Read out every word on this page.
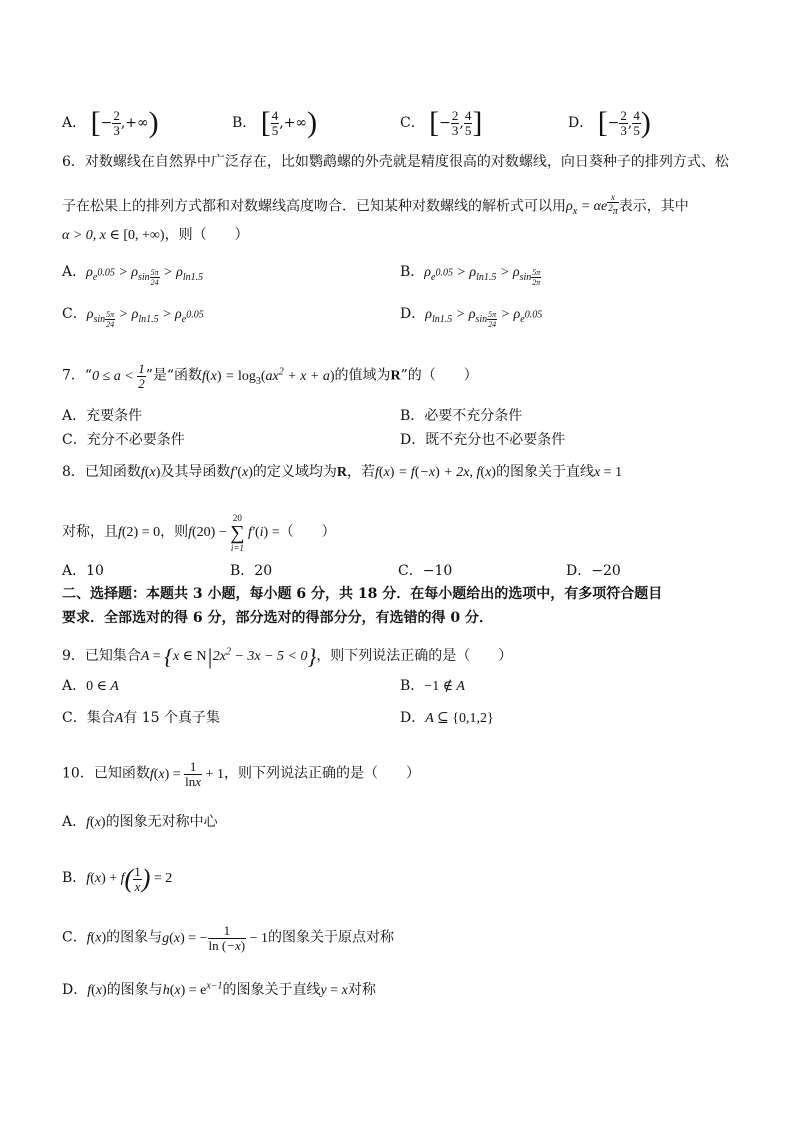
A． [− $\frac{2}{3}$ ,+∞)	B． [ $\frac{4}{5}$ ,+∞)	C． [− $\frac{2}{3}$ , $\frac{4}{5}$ ]	D． [− $\frac{2}{3}$ , $\frac{4}{5}$ )
6．对数螺线在自然界中广泛存在，比如鹦鹉螺的外壳就是精度很高的对数螺线，向日葵种子的排列方式、松
子在松果上的排列方式都和对数螺线高度吻合．已知某种对数螺线的解析式可以用$\rho_x = \alpha e$ $^{\frac{x}{2_\pi}}$ 表示，其中
α > 0, x ∈ [0, +∞)，则（　　）
A．$\rho_{e^{0.05}} > \rho_{sin \frac{5\pi}{24}} > \rho_{ln1.5}$	B．$\rho_{e^{0.05}} > \rho_{ln1.5} > \rho_{sin \frac{5\pi}{2\pi}}$
C．$\rho_{sin \frac{5\pi}{24}} > \rho_{ln1.5} > \rho_{e^{0.05}}$	D．$\rho_{ln1.5} > \rho_{sin \frac{5\pi}{24}} > \rho_{e^{0.05}}$
7．“$0 \le a < \frac{1}{2}$ ”是“函数$f(x) = \log_3(ax^2 + x + a)$的值域为R”的（　　）
A．充要条件	B．必要不充分条件
C．充分不必要条件	D．既不充分也不必要条件
8．已知函数f(x)及其导函数f′(x)的定义域均为R，若f(x) = f(−x) + 2x, f(x)的图象关于直线x = 1
对称，且f(2) = 0，则f(20) −
20
∑
i=1
f′(i) =（　　）
A．10	B．20	C．−10	D．−20
二、选择题：本题共 3 小题，每小题 6 分，共 18 分．在每小题给出的选项中，有多项符合题目
要求．全部选对的得 6 分，部分选对的得部分分，有选错的得 0 分．
9．已知集合A = {x ∈ $N|2x^2 - 3x - 5 < 0$}，则下列说法正确的是（　　）
A．0 ∈ A	B．−1 ∉ A
C．集合A有 15 个真子集	D．A ⊆ {0,1,2}
10．已知函数$f(x) = \frac{1}{\ln x} + 1$，则下列说法正确的是（　　）
A．f(x)的图象无对称中心
B．$f(x) + f( \frac{1}{x}$ ) = 2
C．f(x)的图象与g(x) = − $\frac{1}{\ln (-x)} - 1$的图象关于原点对称
D．f(x)的图象与$h(x) = e^{x-1}$的图象关于直线y = x对称
